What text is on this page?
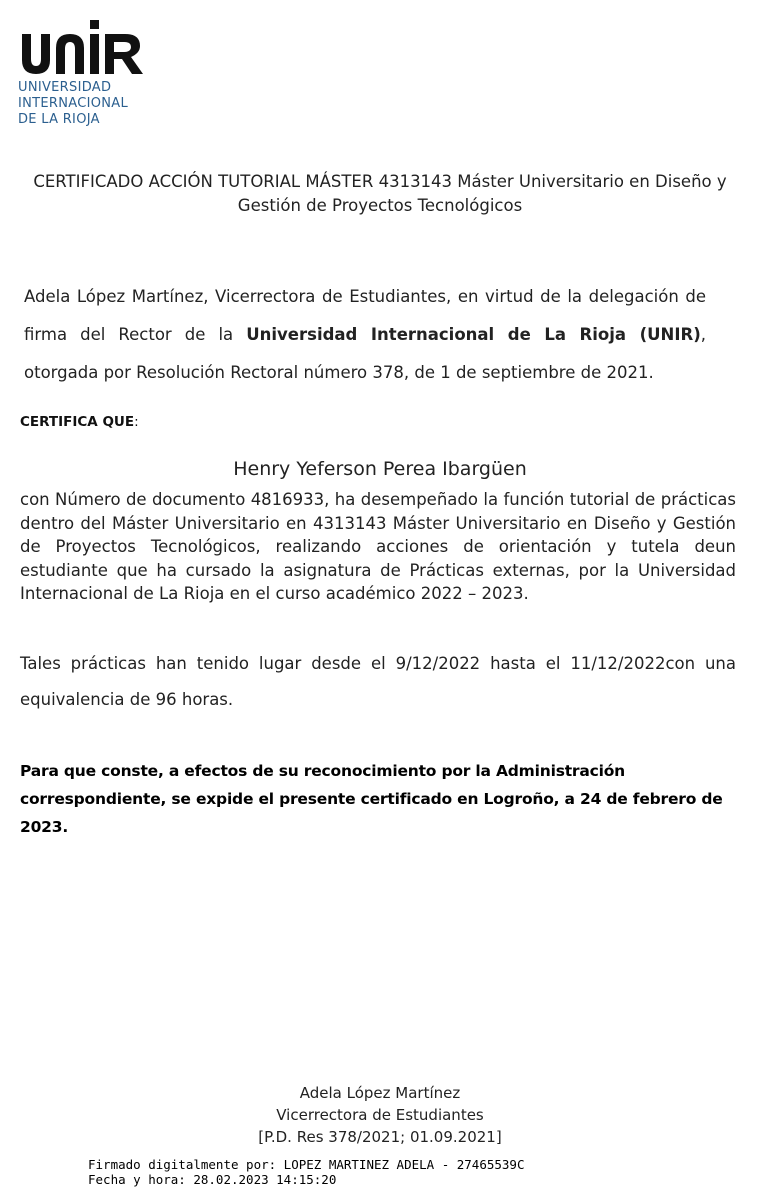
UNIVERSIDAD
INTERNACIONAL
DE LA RIOJA
CERTIFICADO ACCIÓN TUTORIAL MÁSTER 4313143 Máster Universitario en Diseño y Gestión de Proyectos Tecnológicos
Adela López Martínez, Vicerrectora de Estudiantes, en virtud de la delegación de firma del Rector de la Universidad Internacional de La Rioja (UNIR), otorgada por Resolución Rectoral número 378, de 1 de septiembre de 2021.
CERTIFICA QUE:
Henry Yeferson Perea Ibargüen
con Número de documento 4816933, ha desempeñado la función tutorial de prácticas dentro del Máster Universitario en 4313143 Máster Universitario en Diseño y Gestión de Proyectos Tecnológicos, realizando acciones de orientación y tutela deun estudiante que ha cursado la asignatura de Prácticas externas, por la Universidad Internacional de La Rioja en el curso académico 2022 – 2023.
Tales prácticas han tenido lugar desde el 9/12/2022 hasta el 11/12/2022con una equivalencia de 96 horas.
Para que conste, a efectos de su reconocimiento por la Administración correspondiente, se expide el presente certificado en Logroño, a 24 de febrero de 2023.
Adela López Martínez
Vicerrectora de Estudiantes
[P.D. Res 378/2021; 01.09.2021]
Firmado digitalmente por: LOPEZ MARTINEZ ADELA - 27465539C
Fecha y hora: 28.02.2023 14:15:20
